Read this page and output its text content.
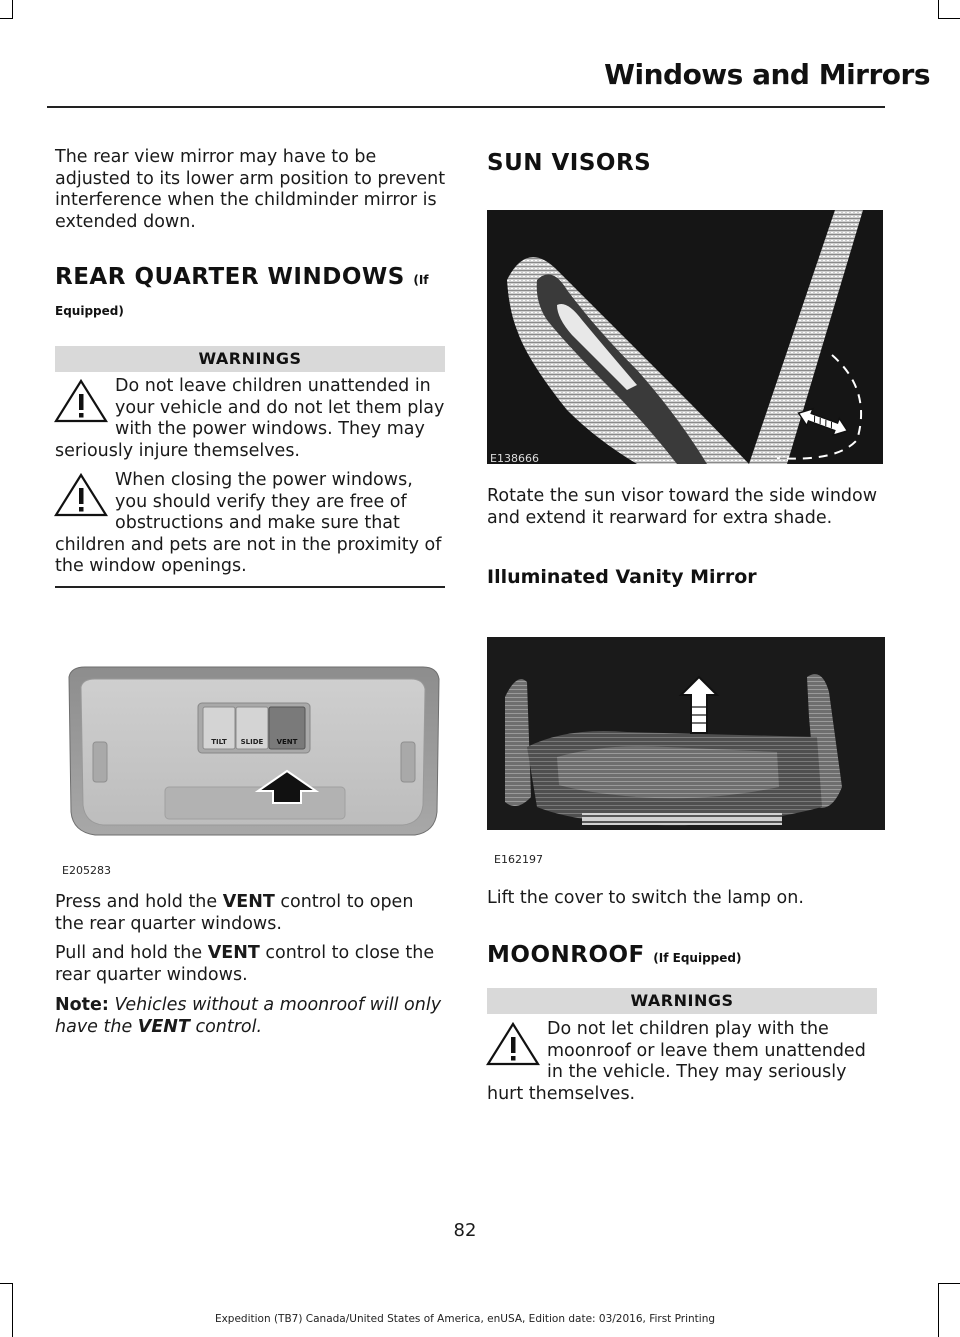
Windows and Mirrors

The rear view mirror may have to be adjusted to its lower arm position to prevent interference when the childminder mirror is extended down.

REAR QUARTER WINDOWS (If
Equipped)
WARNINGS
Do not leave children unattended in your vehicle and do not let them play with the power windows. They may seriously injure themselves.
When closing the power windows, you should verify they are free of obstructions and make sure that children and pets are not in the proximity of the window openings.
TILT SLIDE VENT
E205283

Press and hold the VENT control to open the rear quarter windows.

Pull and hold the VENT control to close the rear quarter windows.

Note: Vehicles without a moonroof will only have the VENT control.

SUN VISORS
E138666

Rotate the sun visor toward the side window and extend it rearward for extra shade.

Illuminated Vanity Mirror
E162197

Lift the cover to switch the lamp on.

MOONROOF (If Equipped)
WARNINGS
Do not let children play with the moonroof or leave them unattended in the vehicle. They may seriously hurt themselves.
82
Expedition (TB7) Canada/United States of America, enUSA, Edition date: 03/2016, First Printing
